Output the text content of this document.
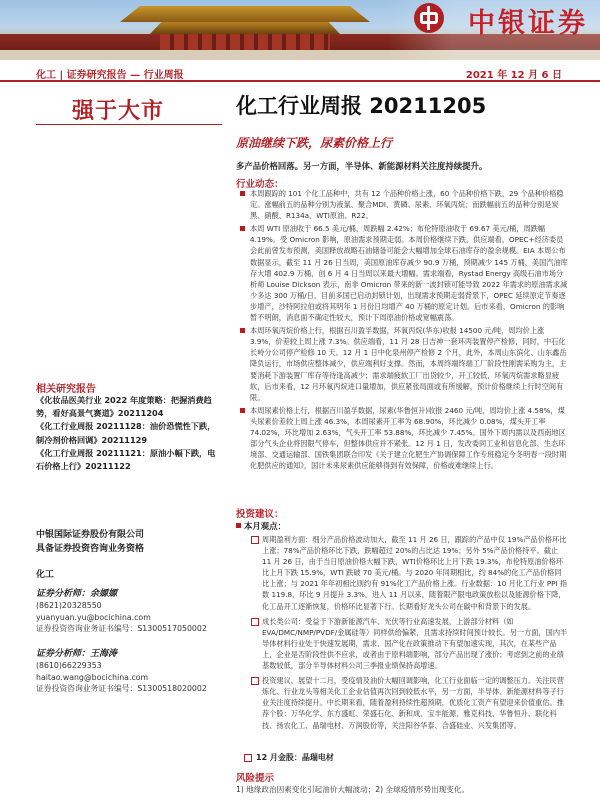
中银证券
化工 | 证券研究报告 — 行业周报	2021 年 12 月 6 日
强于大市
相关研究报告
《化妆品医美行业 2022 年度策略：把握消费趋势，看好高景气赛道》20211204
《化工行业周报 20211128：油价恐慌性下跌，制冷剂价格回调》20211129
《化工行业周报 20211121：原油小幅下跌，电石价格上行》20211122
中银国际证券股份有限公司
具备证券投资咨询业务资格
化工
证券分析师：余嫄嫄
(8621)20328550
yuanyuan.yu@bocichina.com
证券投资咨询业务证书编号：S1300517050002
证券分析师：王海涛
(8610)66229353
haitao.wang@bocichina.com
证券投资咨询业务证书编号：S1300518020002
化工行业周报 20211205
原油继续下跌，尿素价格上行
多产品价格回落。另一方面，半导体、新能源材料关注度持续提升。
行业动态：
本周跟踪的 101 个化工品种中，共有 12 个品种价格上涨，60 个品种价格下跌，29 个品种价格稳定。涨幅前五的品种分别为液氯、聚合MDI、黄磷、尿素、环氧丙烷；而跌幅前五的品种分别是炭黑、硝酸、R134a、WTI原油、R22。
本周 WTI 原油收于 66.5 美元/桶，周跌幅 2.42%；布伦特原油收于 69.67 美元/桶，周跌幅 4.19%。受 Omicron 影响，原油需求预期走弱。本周价格继续下跌。供应端看，OPEC+经济委员会此前曾发布预测，美国释放战略石油储备可能会大幅增加全球石油库存的盈余规模。EIA 本周公布数据显示，截至 11 月 26 日当周，美国原油库存减少 90.9 万桶，预期减少 145 万桶，美国汽油库存大增 402.9 万桶，创 6 月 4 日当周以来最大增幅。需求端看，Rystad Energy 高级石油市场分析师 Louise Dickson 表示，南非 Omicron 带来的新一波封锁可能导致 2022 年需求的原油需求减少多达 300 万桶/日，目前多国已启动封锁计划，出现需求预期走弱背景下，OPEC 延续原定节奏逐步增产，沙特阿拉伯或将其明年 1 月份日均增产 40 万桶的原定计划。后市来看，Omicron 的影响暂不明朗，消息面不确定性较大，预计下周原油价格或宽幅震荡。
本周环氧丙烷价格上行，根据百川盈孚数据，环氧丙烷(华东)收报 14500 元/吨，周均价上涨 3.9%，价差较上周上涨 7.3%。供应端看，11 月 28 日吉神一套环丙装置停产检修，同时，中石化长岭分公司停产检修 10 天。12 月 1 日中化泉州停产检修 2 个月，此外，本周山东滨化、山东鑫岳降负运行，市场供应整体减少，供应端利好支撑。然而，本周终端终端工厂阶段性刚需采购为主，主要消耗下游装置厂库存等待逢高减少；需求端疲软工厂出货较少，开工较低，环氧丙烷需求略显疲软，后市来看，12 月环氧丙烷进口量增加，供应紧张局面或有所缓解，预计价格继续上行时空间有限。
本周尿素价格上行，根据百川盈孚数据，尿素(华鲁恒升)收报 2460 元/吨，周均价上涨 4.58%，煤头尿素价差较上周上涨 46.3%，本周尿素开工率为 68.90%，环比减少 0.08%，煤头开工率 74.02%，环比增加 2.63%，气头开工率 53.88%，环比减少 7.45%。国外下周内需以及西南地区部分气头企业将因限气停车，但整体供应并不紧张。12 月 1 日，发改委同工业和信息化部、生态环境部、交通运输部、国铁集团联合印发《关于建立化肥生产协调保障工作专班稳定今冬明春一段时期化肥供应的通知》，国计未来尿素供应能够得到有效保障，价格或难继续上行。
投资建议：
本月观点：
周期盈利方面：细分产品价格波动加大，截至 11 月 26 日，跟踪的产品中仅 19%产品价格环比上涨；78%产品价格环比下跌，跌幅超过 20%的占比达 19%；另外 5%产品价格持平。截止 11 月 26 日，由于当日原油价格大幅下跌，WTI价格环比上月下跌 19.3%，布伦特原油价格环比上月下跌 15.9%，WTI 跌破 70 美元/桶。与 2020 年同期相比，约 84%的化工产品价格同比上涨；与 2021 年年初相比则约有 91%化工产品价格上涨。行业数据：10 月化工行业 PPI 指数 119.8，环比 9 月提升 3.3%。进入 11 月以来，随着限产限电政策放松以及能源价格下降，化工品开工逐渐恢复，价格环比显著下行。长期看好龙头公司在碳中和背景下的发展。
成长类公司：受益于下游新能源汽车、光伏等行业高速发展，上游部分材料（如 EVA/DMC/NMP/PVDF/金属硅等）同样供给偏紧，且需求持续时间预计较长。另一方面，国内半导体材料行业处于快速发展期，需求、国产化在政策推动下有望加速实现，其次，在某些产品上，企业是否阶段性供不应求，或者由于原料端影响，部分产品出现了涨价；考虑到之前的业绩基数较低，部分半导体材料公司三季报业绩保持高增速。
投资建议，展望十二月，受疫情及油价大幅回调影响，化工行业面临一定的调整压力。关注民营炼化、行业龙头等相关化工企业估值再次回到较低水平，另一方面，半导体、新能源材料等子行业关注度持续提升。中长期来看，随着盈利持续性超预期，优质化工资产有望迎来价值重估。推荐个股：万华化学、东方盛虹、荣盛石化、新和成、宝丰能源、雅克科技、华鲁恒升、联化科技、扬农化工、晶瑞电材、万润股份等，关注阳谷华泰、合盛硅业、兴发集团等。
12 月金股：晶瑞电材
风险提示
1) 地缘政治因素变化引起油价大幅波动；2) 全球疫情形势出现变化。
